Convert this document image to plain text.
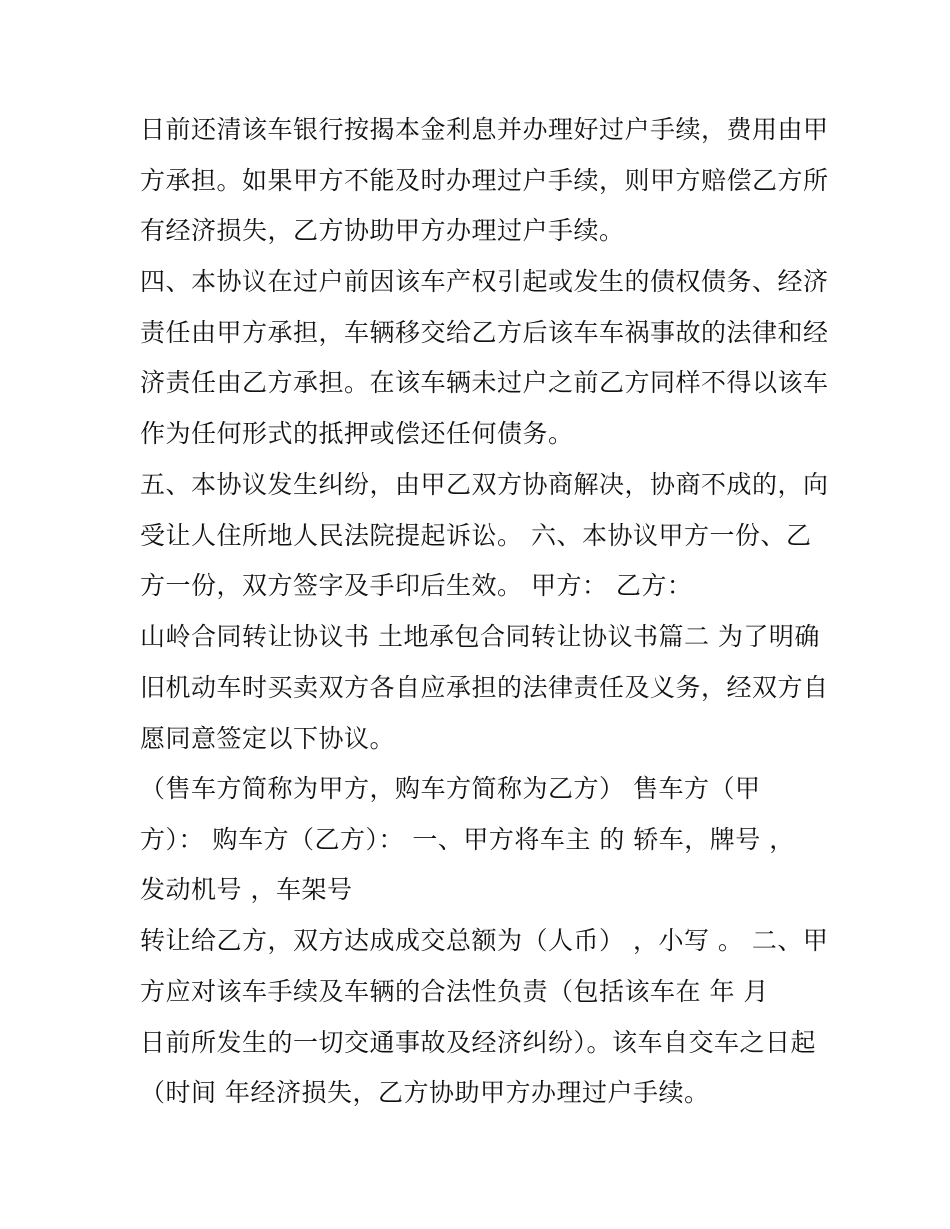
日前还清该车银行按揭本金利息并办理好过户手续，费用由甲
方承担。如果甲方不能及时办理过户手续，则甲方赔偿乙方所
有经济损失，乙方协助甲方办理过户手续。
四、本协议在过户前因该车产权引起或发生的债权债务、经济
责任由甲方承担，车辆移交给乙方后该车车祸事故的法律和经
济责任由乙方承担。在该车辆未过户之前乙方同样不得以该车
作为任何形式的抵押或偿还任何债务。
五、本协议发生纠纷，由甲乙双方协商解决，协商不成的，向
受让人住所地人民法院提起诉讼。 六、本协议甲方一份、乙
方一份，双方签字及手印后生效。 甲方： 乙方：
山岭合同转让协议书 土地承包合同转让协议书篇二 为了明确
旧机动车时买卖双方各自应承担的法律责任及义务，经双方自
愿同意签定以下协议。
（售车方简称为甲方，购车方简称为乙方） 售车方（甲
方）： 购车方（乙方）： 一、甲方将车主 的 轿车，牌号 ，
发动机号 ，车架号
转让给乙方，双方达成成交总额为（人币） ，小写 。 二、甲
方应对该车手续及车辆的合法性负责（包括该车在 年 月
日前所发生的一切交通事故及经济纠纷）。该车自交车之日起
（时间 年经济损失，乙方协助甲方办理过户手续。
